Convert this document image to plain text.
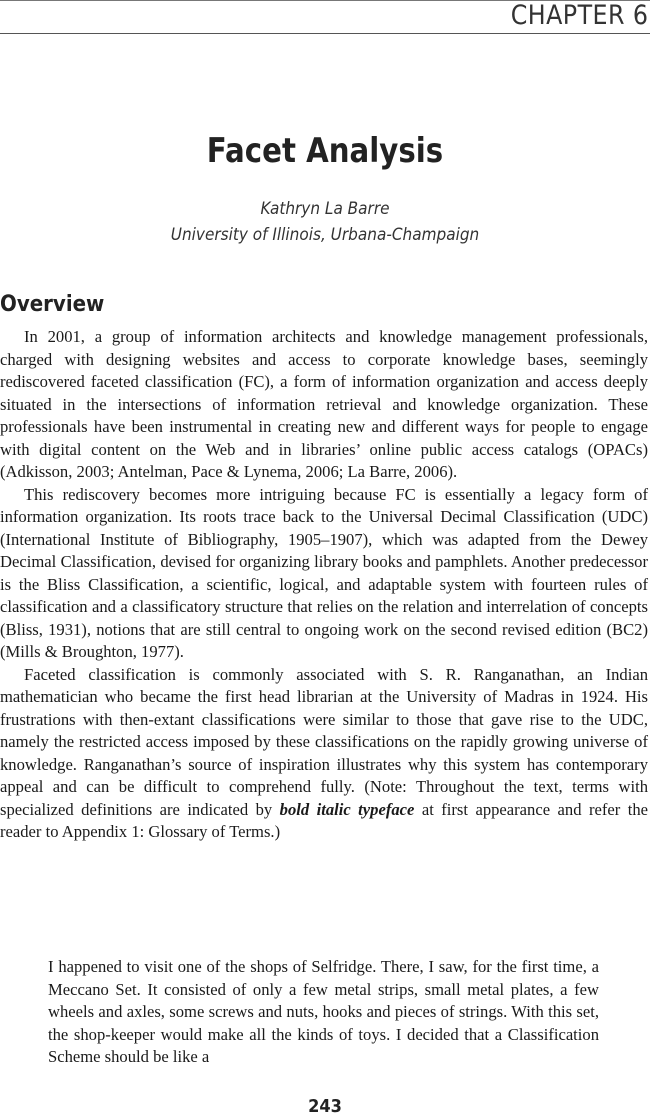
CHAPTER 6
Facet Analysis
Kathryn La Barre
University of Illinois, Urbana-Champaign
Overview

In 2001, a group of information architects and knowledge management professionals, charged with designing websites and access to corporate knowledge bases, seemingly rediscovered faceted classification (FC), a form of information organization and access deeply situated in the intersections of information retrieval and knowledge organization. These professionals have been instrumental in creating new and different ways for people to engage with digital content on the Web and in libraries’ online public access catalogs (OPACs) (Adkisson, 2003; Antelman, Pace & Lynema, 2006; La Barre, 2006).

This rediscovery becomes more intriguing because FC is essentially a legacy form of information organization. Its roots trace back to the Universal Decimal Classification (UDC) (International Institute of Bibliography, 1905–1907), which was adapted from the Dewey Decimal Classification, devised for organizing library books and pamphlets. Another predecessor is the Bliss Classification, a scientific, logical, and adaptable system with fourteen rules of classification and a classificatory structure that relies on the relation and interrelation of concepts (Bliss, 1931), notions that are still central to ongoing work on the second revised edition (BC2) (Mills & Broughton, 1977).

Faceted classification is commonly associated with S. R. Ranganathan, an Indian mathematician who became the first head librarian at the University of Madras in 1924. His frustrations with then-extant classifications were similar to those that gave rise to the UDC, namely the restricted access imposed by these classifications on the rapidly growing universe of knowledge. Ranganathan’s source of inspiration illustrates why this system has contemporary appeal and can be difficult to comprehend fully. (Note: Throughout the text, terms with specialized definitions are indicated by bold italic typeface at first appearance and refer the reader to Appendix 1: Glossary of Terms.)

I happened to visit one of the shops of Selfridge. There, I saw, for the first time, a Meccano Set. It consisted of only a few metal strips, small metal plates, a few wheels and axles, some screws and nuts, hooks and pieces of strings. With this set, the shop-keeper would make all the kinds of toys. I decided that a Classification Scheme should be like a

243
